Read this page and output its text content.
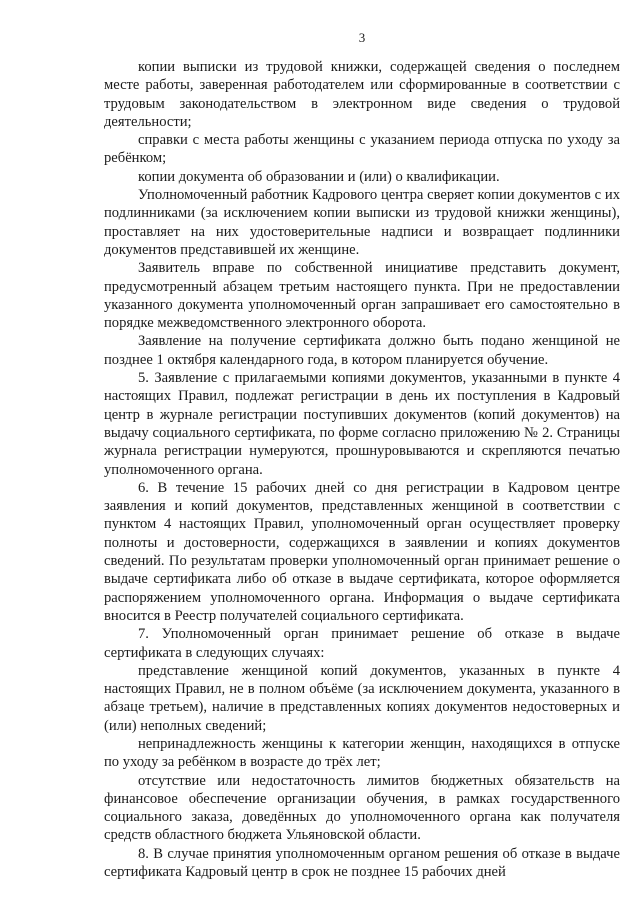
3

копии выписки из трудовой книжки, содержащей сведения о последнем месте работы, заверенная работодателем или сформированные в соответствии с трудовым законодательством в электронном виде сведения о трудовой деятельности;

справки с места работы женщины с указанием периода отпуска по уходу за ребёнком;

копии документа об образовании и (или) о квалификации.

Уполномоченный работник Кадрового центра сверяет копии документов с их подлинниками (за исключением копии выписки из трудовой книжки женщины), проставляет на них удостоверительные надписи и возвращает подлинники документов представившей их женщине.

Заявитель вправе по собственной инициативе представить документ, предусмотренный абзацем третьим настоящего пункта. При не предоставлении указанного документа уполномоченный орган запрашивает его самостоятельно в порядке межведомственного электронного оборота.

Заявление на получение сертификата должно быть подано женщиной не позднее 1 октября календарного года, в котором планируется обучение.

5. Заявление с прилагаемыми копиями документов, указанными в пункте 4 настоящих Правил, подлежат регистрации в день их поступления в Кадровый центр в журнале регистрации поступивших документов (копий документов) на выдачу социального сертификата, по форме согласно приложению № 2. Страницы журнала регистрации нумеруются, прошнуровываются и скрепляются печатью уполномоченного органа.

6. В течение 15 рабочих дней со дня регистрации в Кадровом центре заявления и копий документов, представленных женщиной в соответствии с пунктом 4 настоящих Правил, уполномоченный орган осуществляет проверку полноты и достоверности, содержащихся в заявлении и копиях документов сведений. По результатам проверки уполномоченный орган принимает решение о выдаче сертификата либо об отказе в выдаче сертификата, которое оформляется распоряжением уполномоченного органа. Информация о выдаче сертификата вносится в Реестр получателей социального сертификата.

7. Уполномоченный орган принимает решение об отказе в выдаче сертификата в следующих случаях:

представление женщиной копий документов, указанных в пункте 4 настоящих Правил, не в полном объёме (за исключением документа, указанного в абзаце третьем), наличие в представленных копиях документов недостоверных и (или) неполных сведений;

непринадлежность женщины к категории женщин, находящихся в отпуске по уходу за ребёнком в возрасте до трёх лет;

отсутствие или недостаточность лимитов бюджетных обязательств на финансовое обеспечение организации обучения, в рамках государственного социального заказа, доведённых до уполномоченного органа как получателя средств областного бюджета Ульяновской области.

8. В случае принятия уполномоченным органом решения об отказе в выдаче сертификата Кадровый центр в срок не позднее 15 рабочих дней
